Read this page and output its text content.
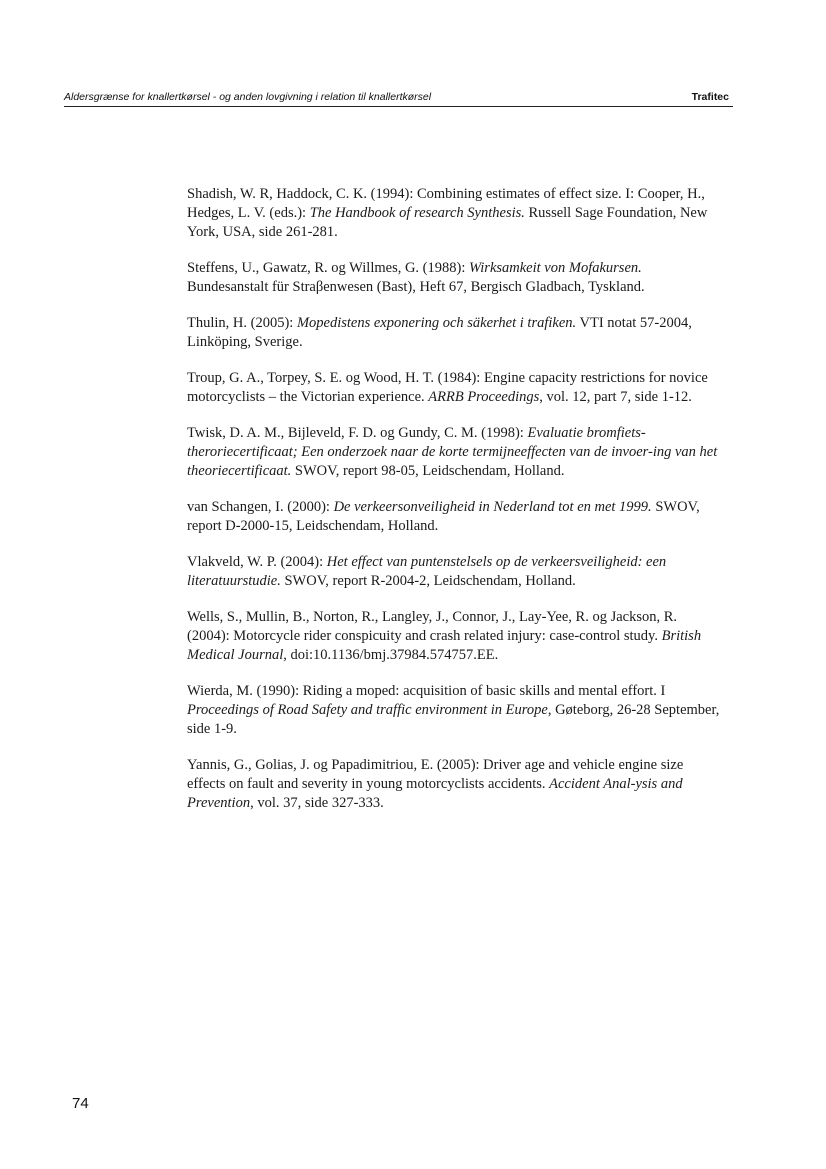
Aldersgrænse for knallertkørsel - og anden lovgivning i relation til knallertkørsel	Trafitec

Shadish, W. R, Haddock, C. K. (1994): Combining estimates of effect size. I: Cooper, H., Hedges, L. V. (eds.): The Handbook of research Synthesis. Russell Sage Foundation, New York, USA, side 261-281.

Steffens, U., Gawatz, R. og Willmes, G. (1988): Wirksamkeit von Mofakursen. Bundesanstalt für Straβenwesen (Bast), Heft 67, Bergisch Gladbach, Tyskland.

Thulin, H. (2005): Mopedistens exponering och säkerhet i trafiken. VTI notat 57-2004, Linköping, Sverige.

Troup, G. A., Torpey, S. E. og Wood, H. T. (1984): Engine capacity restrictions for novice motorcyclists – the Victorian experience. ARRB Proceedings, vol. 12, part 7, side 1-12.

Twisk, D. A. M., Bijleveld, F. D. og Gundy, C. M. (1998): Evaluatie bromfiets-theroriecertificaat; Een onderzoek naar de korte termijneeffecten van de invoer-ing van het theoriecertificaat. SWOV, report 98-05, Leidschendam, Holland.

van Schangen, I. (2000): De verkeersonveiligheid in Nederland tot en met 1999. SWOV, report D-2000-15, Leidschendam, Holland.

Vlakveld, W. P. (2004): Het effect van puntenstelsels op de verkeersveiligheid: een literatuurstudie. SWOV, report R-2004-2, Leidschendam, Holland.

Wells, S., Mullin, B., Norton, R., Langley, J., Connor, J., Lay-Yee, R. og Jackson, R. (2004): Motorcycle rider conspicuity and crash related injury: case-control study. British Medical Journal, doi:10.1136/bmj.37984.574757.EE.

Wierda, M. (1990): Riding a moped: acquisition of basic skills and mental effort. I Proceedings of Road Safety and traffic environment in Europe, Gøteborg, 26-28 September, side 1-9.

Yannis, G., Golias, J. og Papadimitriou, E. (2005): Driver age and vehicle engine size effects on fault and severity in young motorcyclists accidents. Accident Anal-ysis and Prevention, vol. 37, side 327-333.

74
